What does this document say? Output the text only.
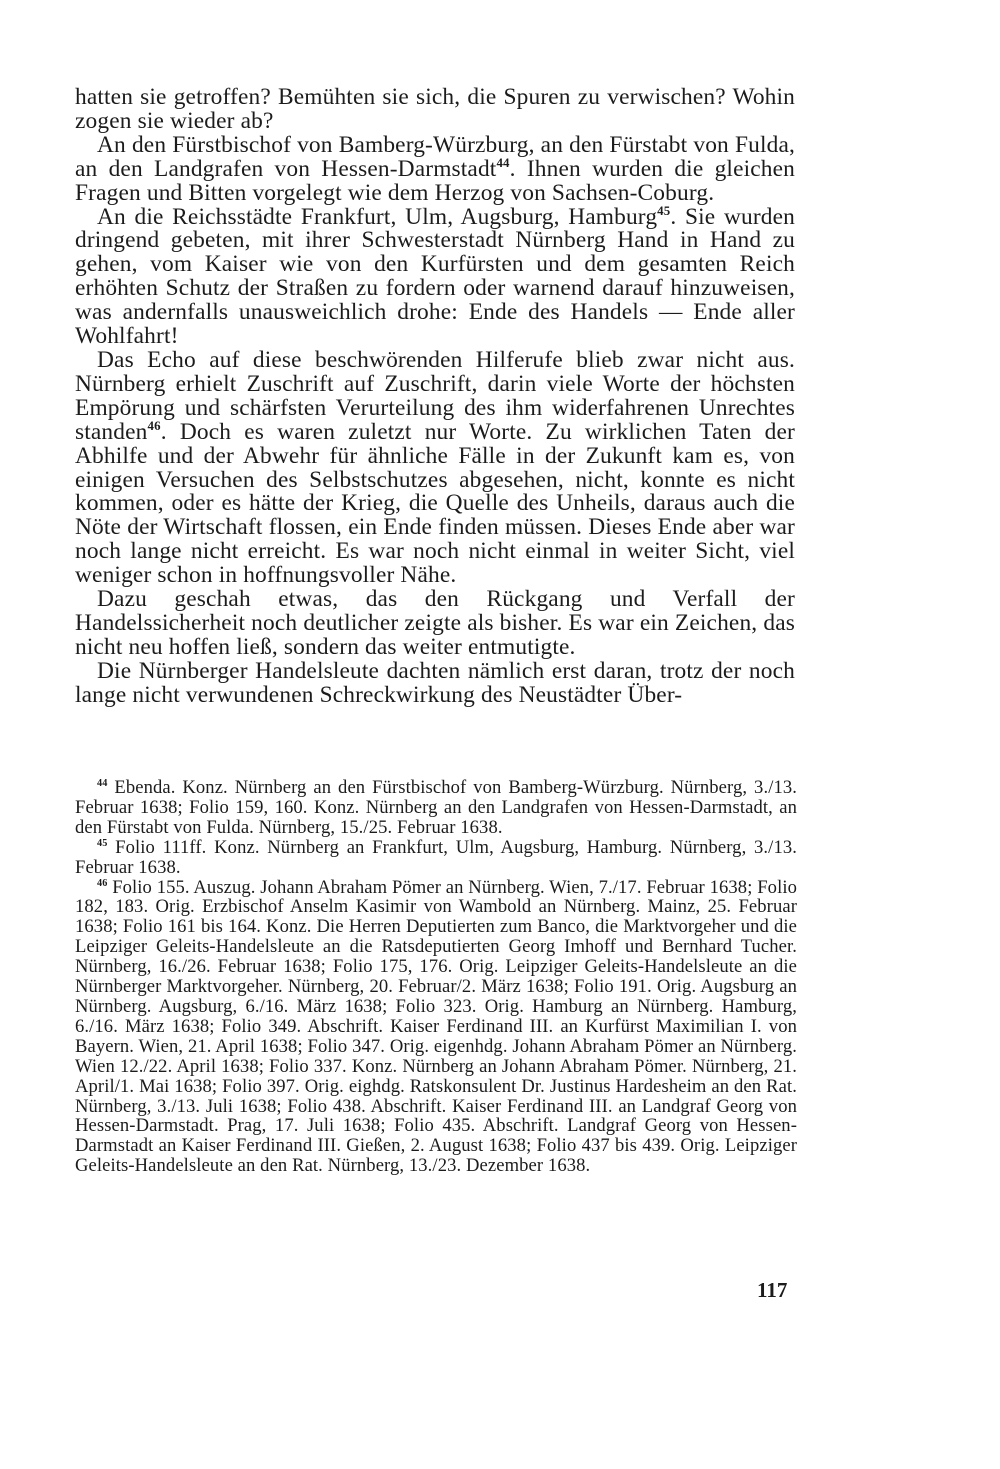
hatten sie getroffen? Bemühten sie sich, die Spuren zu verwischen? Wohin zogen sie wieder ab?

An den Fürstbischof von Bamberg-Würzburg, an den Fürstabt von Fulda, an den Landgrafen von Hessen-Darmstadt$^{44}$. Ihnen wurden die gleichen Fragen und Bitten vorgelegt wie dem Herzog von Sachsen-Coburg.

An die Reichsstädte Frankfurt, Ulm, Augsburg, Hamburg$^{45}$. Sie wurden dringend gebeten, mit ihrer Schwesterstadt Nürnberg Hand in Hand zu gehen, vom Kaiser wie von den Kurfürsten und dem gesamten Reich erhöhten Schutz der Straßen zu fordern oder warnend darauf hinzuweisen, was andernfalls unausweichlich drohe: Ende des Handels — Ende aller Wohlfahrt!

Das Echo auf diese beschwörenden Hilferufe blieb zwar nicht aus. Nürnberg erhielt Zuschrift auf Zuschrift, darin viele Worte der höchsten Empörung und schärfsten Verurteilung des ihm widerfahrenen Unrechtes standen$^{46}$. Doch es waren zuletzt nur Worte. Zu wirklichen Taten der Abhilfe und der Abwehr für ähnliche Fälle in der Zukunft kam es, von einigen Versuchen des Selbstschutzes abgesehen, nicht, konnte es nicht kommen, oder es hätte der Krieg, die Quelle des Unheils, daraus auch die Nöte der Wirtschaft flossen, ein Ende finden müssen. Dieses Ende aber war noch lange nicht erreicht. Es war noch nicht einmal in weiter Sicht, viel weniger schon in hoffnungsvoller Nähe.

Dazu geschah etwas, das den Rückgang und Verfall der Handelssicherheit noch deutlicher zeigte als bisher. Es war ein Zeichen, das nicht neu hoffen ließ, sondern das weiter entmutigte.

Die Nürnberger Handelsleute dachten nämlich erst daran, trotz der noch lange nicht verwundenen Schreckwirkung des Neustädter Über-

$^{44}$ Ebenda. Konz. Nürnberg an den Fürstbischof von Bamberg-Würzburg. Nürnberg, 3./13. Februar 1638; Folio 159, 160. Konz. Nürnberg an den Landgrafen von Hessen-Darmstadt, an den Fürstabt von Fulda. Nürnberg, 15./25. Februar 1638.

$^{45}$ Folio 111ff. Konz. Nürnberg an Frankfurt, Ulm, Augsburg, Hamburg. Nürnberg, 3./13. Februar 1638.

$^{46}$ Folio 155. Auszug. Johann Abraham Pömer an Nürnberg. Wien, 7./17. Februar 1638; Folio 182, 183. Orig. Erzbischof Anselm Kasimir von Wambold an Nürnberg. Mainz, 25. Februar 1638; Folio 161 bis 164. Konz. Die Herren Deputierten zum Banco, die Marktvorgeher und die Leipziger Geleits-Handelsleute an die Ratsdeputierten Georg Imhoff und Bernhard Tucher. Nürnberg, 16./26. Februar 1638; Folio 175, 176. Orig. Leipziger Geleits-Handelsleute an die Nürnberger Marktvorgeher. Nürnberg, 20. Februar/2. März 1638; Folio 191. Orig. Augsburg an Nürnberg. Augsburg, 6./16. März 1638; Folio 323. Orig. Hamburg an Nürnberg. Hamburg, 6./16. März 1638; Folio 349. Abschrift. Kaiser Ferdinand III. an Kurfürst Maximilian I. von Bayern. Wien, 21. April 1638; Folio 347. Orig. eigenhdg. Johann Abraham Pömer an Nürnberg. Wien 12./22. April 1638; Folio 337. Konz. Nürnberg an Johann Abraham Pömer. Nürnberg, 21. April/1. Mai 1638; Folio 397. Orig. eighdg. Ratskonsulent Dr. Justinus Hardesheim an den Rat. Nürnberg, 3./13. Juli 1638; Folio 438. Abschrift. Kaiser Ferdinand III. an Landgraf Georg von Hessen-Darmstadt. Prag, 17. Juli 1638; Folio 435. Abschrift. Landgraf Georg von Hessen-Darmstadt an Kaiser Ferdinand III. Gießen, 2. August 1638; Folio 437 bis 439. Orig. Leipziger Geleits-Handelsleute an den Rat. Nürnberg, 13./23. Dezember 1638.

117
